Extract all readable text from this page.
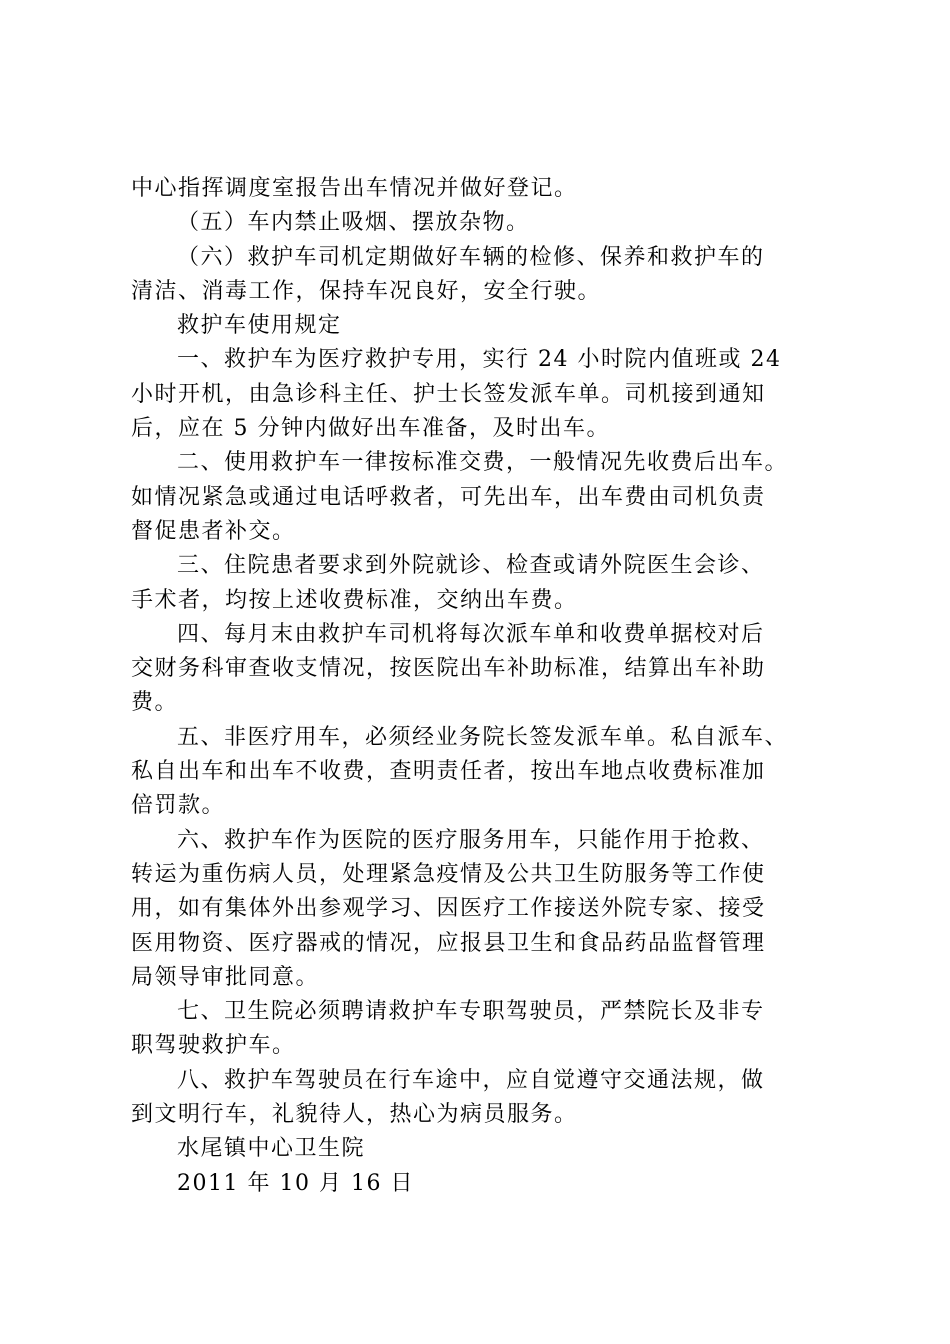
中心指挥调度室报告出车情况并做好登记。
（五）车内禁止吸烟、摆放杂物。
（六）救护车司机定期做好车辆的检修、保养和救护车的
清洁、消毒工作，保持车况良好，安全行驶。
救护车使用规定
一、救护车为医疗救护专用，实行 24 小时院内值班或 24
小时开机，由急诊科主任、护士长签发派车单。司机接到通知
后，应在 5 分钟内做好出车准备，及时出车。
二、使用救护车一律按标准交费，一般情况先收费后出车。
如情况紧急或通过电话呼救者，可先出车，出车费由司机负责
督促患者补交。
三、住院患者要求到外院就诊、检查或请外院医生会诊、
手术者，均按上述收费标准，交纳出车费。
四、每月末由救护车司机将每次派车单和收费单据校对后
交财务科审查收支情况，按医院出车补助标准，结算出车补助
费。
五、非医疗用车，必须经业务院长签发派车单。私自派车、
私自出车和出车不收费，查明责任者，按出车地点收费标准加
倍罚款。
六、救护车作为医院的医疗服务用车，只能作用于抢救、
转运为重伤病人员，处理紧急疫情及公共卫生防服务等工作使
用，如有集体外出参观学习、因医疗工作接送外院专家、接受
医用物资、医疗器戒的情况，应报县卫生和食品药品监督管理
局领导审批同意。
七、卫生院必须聘请救护车专职驾驶员，严禁院长及非专
职驾驶救护车。
八、救护车驾驶员在行车途中，应自觉遵守交通法规，做
到文明行车，礼貌待人，热心为病员服务。
水尾镇中心卫生院
2011 年 10 月 16 日
